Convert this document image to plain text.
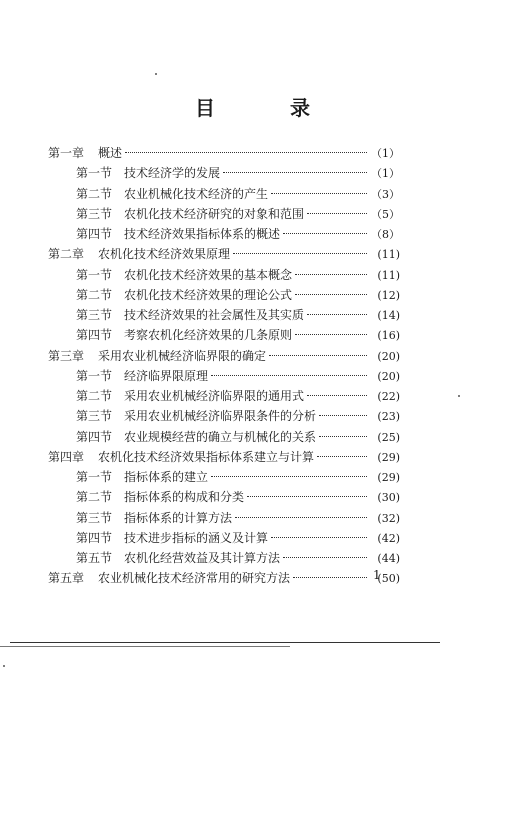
目 录
第一章 概述	（1）
第一节 技术经济学的发展	（1）
第二节 农业机械化技术经济的产生	（3）
第三节 农机化技术经济研究的对象和范围	（5）
第四节 技术经济效果指标体系的概述	（8）
第二章 农机化技术经济效果原理	(11)
第一节 农机化技术经济效果的基本概念	(11)
第二节 农机化技术经济效果的理论公式	(12)
第三节 技术经济效果的社会属性及其实质	(14)
第四节 考察农机化经济效果的几条原则	(16)
第三章 采用农业机械经济临界限的确定	(20)
第一节 经济临界限原理	(20)
第二节 采用农业机械经济临界限的通用式	(22)
第三节 采用农业机械经济临界限条件的分析	(23)
第四节 农业规模经营的确立与机械化的关系	(25)
第四章 农机化技术经济效果指标体系建立与计算	(29)
第一节 指标体系的建立	(29)
第二节 指标体系的构成和分类	(30)
第三节 指标体系的计算方法	(32)
第四节 技术进步指标的涵义及计算	(42)
第五节 农机化经营效益及其计算方法	(44)
第五章 农业机械化技术经济常用的研究方法	(50)
1
